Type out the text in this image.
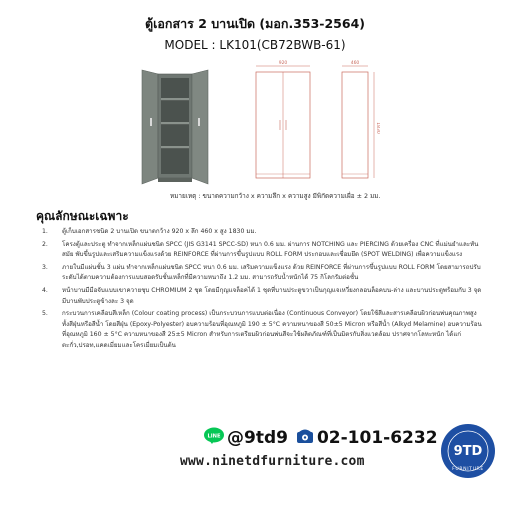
ตู้เอกสาร 2 บานเปิด (มอก.353-2564)
MODEL : LK101(CB72BWB-61)
920	460
1830
หมายเหตุ : ขนาดความกว้าง x ความลึก x ความสูง มีพิกัดความเผื่อ ± 2 มม.
คุณลักษณะเฉพาะ
1. ตู้เก็บเอกสารชนิด 2 บานเปิด ขนาดกว้าง 920 x ลึก 460 x สูง 1830 มม.
2. โครงตู้และประตู ทำจากเหล็กแผ่นชนิด SPCC (JIS G3141 SPCC-SD) หนา 0.6 มม. ผ่านการ NOTCHING และ PIERCING ด้วยเครื่อง CNC ที่แม่นยำและทันสมัย พับขึ้นรูปและเสริมความแข็งแรงด้วย REINFORCE ที่ผ่านการขึ้นรูปแบบ ROLL FORM ประกอบและเชื่อมยึด (SPOT WELDING) เพื่อความแข็งแรง
3. ภายในมีแผ่นชั้น 3 แผ่น ทำจากเหล็กแผ่นชนิด SPCC หนา 0.6 มม. เสริมความแข็งแรง ด้วย REINFORCE ที่ผ่านการขึ้นรูปแบบ ROLL FORM โดยสามารถปรับระดับได้ตามความต้องการแบบสอดรับชั้นเหล็กที่มีความหนาถึง 1.2 มม. สามารถรับน้ำหนักได้ 75 กิโลกรัมต่อชั้น
4. หน้าบานมีมือจับแบบเขาควายชุบ CHROMIUM 2 ชุด โดยมีกุญแจล็อคได้ 1 ชุดที่บานประตูขวาเป็นกุญแจเหวี่ยงกลอนล็อคบน-ล่าง และบานประตูพร้อมกับ 3 จุด มีบานพับประตูข้างละ 3 จุด
5. กระบวนการเคลือบสีเหล็ก (Colour coating process) เป็นกระบวนการแบบต่อเนื่อง (Continuous Conveyor) โดยใช้สีและสารเคลือบผิวก่อนพ่นคุณภาพสูงทั้งสีฝุ่นหรือสีน้ำ โดยสีฝุ่น (Epoxy-Polyester) อบความร้อนที่อุณหภูมิ 190 ± 5°C ความหนาของสี 50±5 Micron หรือสีน้ำ (Alkyd Melamine) อบความร้อนที่อุณหภูมิ 160 ± 5°C ความหนาของสี 25±5 Micron สำหรับการเตรียมผิวก่อนพ่นสีจะใช้ผลิตภัณฑ์ที่เป็นมิตรกับสิ่งแวดล้อม ปราศจากโลหะหนัก ได้แก่ ตะกั่ว,ปรอท,แคดเมี่ยมและโครเมี่ยมเป็นต้น
LINE @9td9 02-101-6232
www.ninetdfurniture.com
9TD
FURNITURE
